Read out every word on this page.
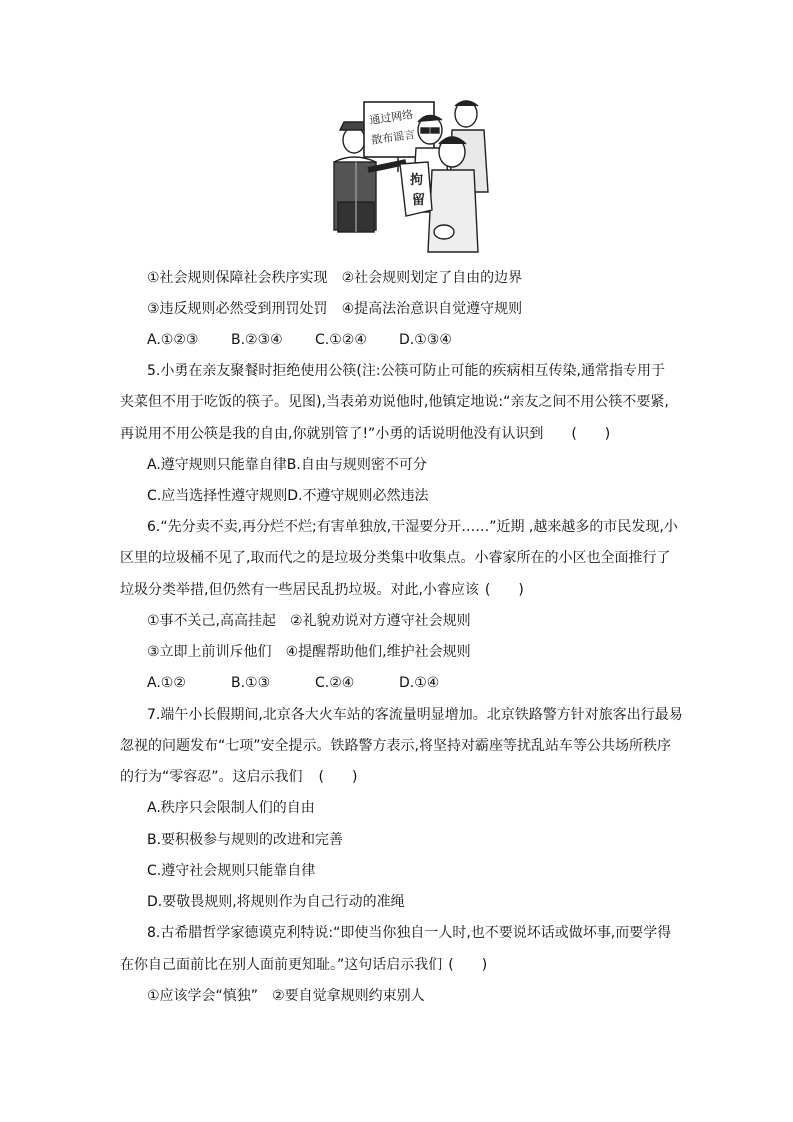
通过网络
散布谣言
拘
留
①社会规则保障社会秩序实现 ②社会规则划定了自由的边界
③违反规则必然受到刑罚处罚 ④提高法治意识自觉遵守规则
A.①②③ B.②③④ C.①②④ D.①③④
5.小勇在亲友聚餐时拒绝使用公筷(注:公筷可防止可能的疾病相互传染,通常指专用于
夹菜但不用于吃饭的筷子。见图),当表弟劝说他时,他镇定地说:“亲友之间不用公筷不要紧,
再说用不用公筷是我的自由,你就别管了!”小勇的话说明他没有认识到 (　　)
A.遵守规则只能靠自律B.自由与规则密不可分
C.应当选择性遵守规则D.不遵守规则必然违法
6.“先分卖不卖,再分烂不烂;有害单独放,干湿要分开……”近期 ,越来越多的市民发现,小
区里的垃圾桶不见了,取而代之的是垃圾分类集中收集点。小睿家所在的小区也全面推行了
垃圾分类举措,但仍然有一些居民乱扔垃圾。对此,小睿应该 (　　)
①事不关己,高高挂起 ②礼貌劝说对方遵守社会规则
③立即上前训斥他们 ④提醒帮助他们,维护社会规则
A.①②	B.①③	C.②④	D.①④
7.端午小长假期间,北京各大火车站的客流量明显增加。北京铁路警方针对旅客出行最易
忽视的问题发布“七项”安全提示。铁路警方表示,将坚持对霸座等扰乱站车等公共场所秩序
的行为“零容忍”。这启示我们 (　　)
A.秩序只会限制人们的自由
B.要积极参与规则的改进和完善
C.遵守社会规则只能靠自律
D.要敬畏规则,将规则作为自己行动的准绳
8.古希腊哲学家德谟克利特说:“即使当你独自一人时,也不要说坏话或做坏事,而要学得
在你自己面前比在别人面前更知耻。”这句话启示我们 (　　)
①应该学会“慎独” ②要自觉拿规则约束别人
